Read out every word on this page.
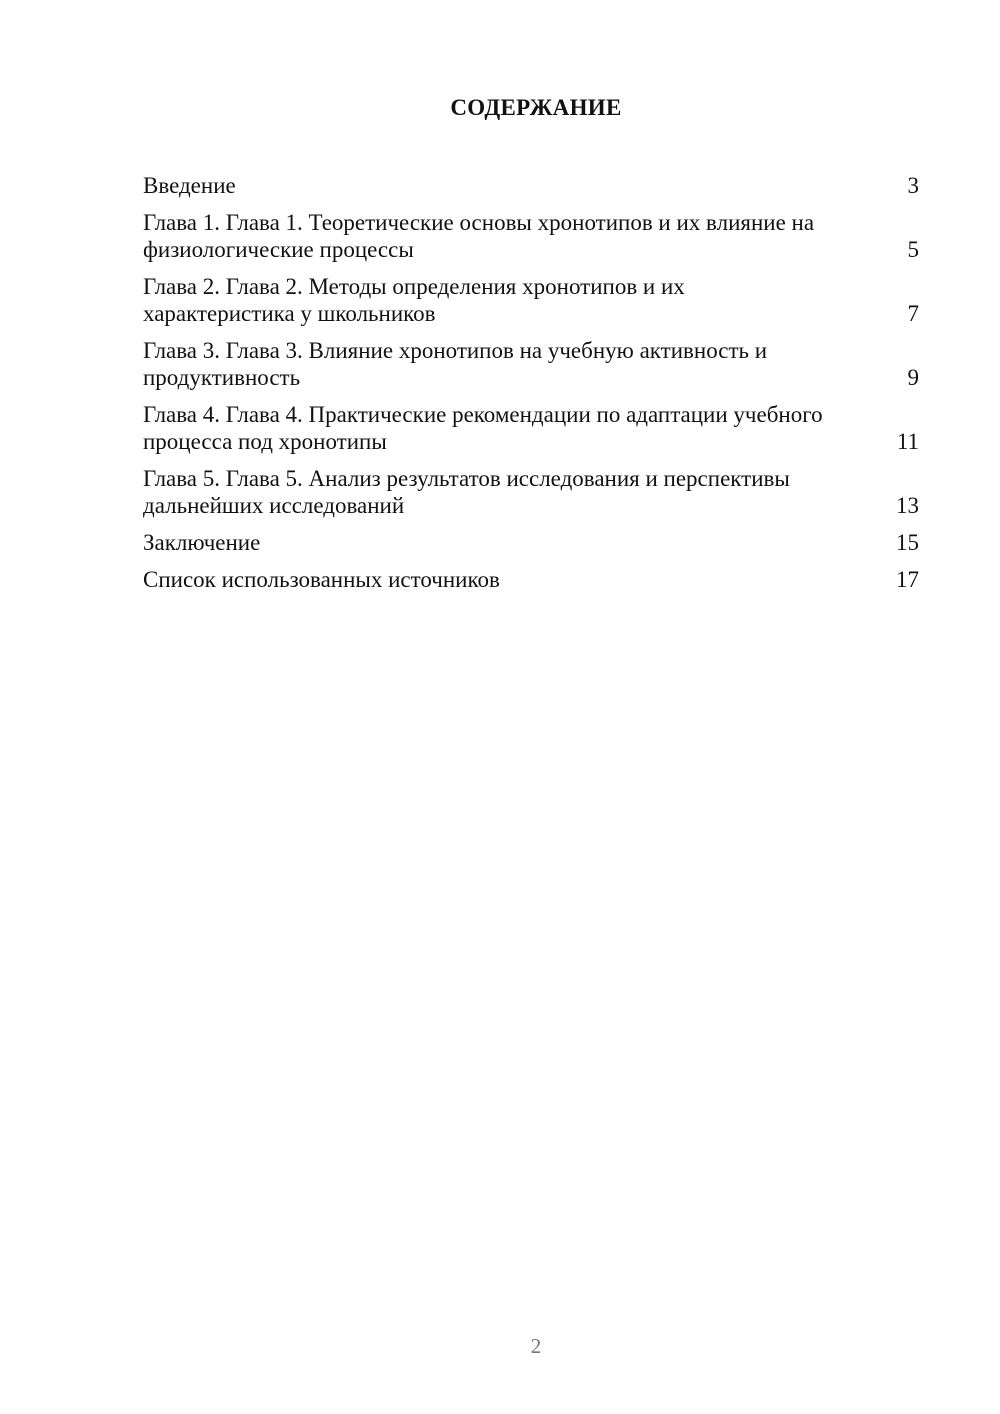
СОДЕРЖАНИЕ
Введение	3
Глава 1. Глава 1. Теоретические основы хронотипов и их влияние на физиологические процессы	5
Глава 2. Глава 2. Методы определения хронотипов и их характеристика у школьников	7
Глава 3. Глава 3. Влияние хронотипов на учебную активность и продуктивность	9
Глава 4. Глава 4. Практические рекомендации по адаптации учебного процесса под хронотипы	11
Глава 5. Глава 5. Анализ результатов исследования и перспективы дальнейших исследований	13
Заключение	15
Список использованных источников	17
2
